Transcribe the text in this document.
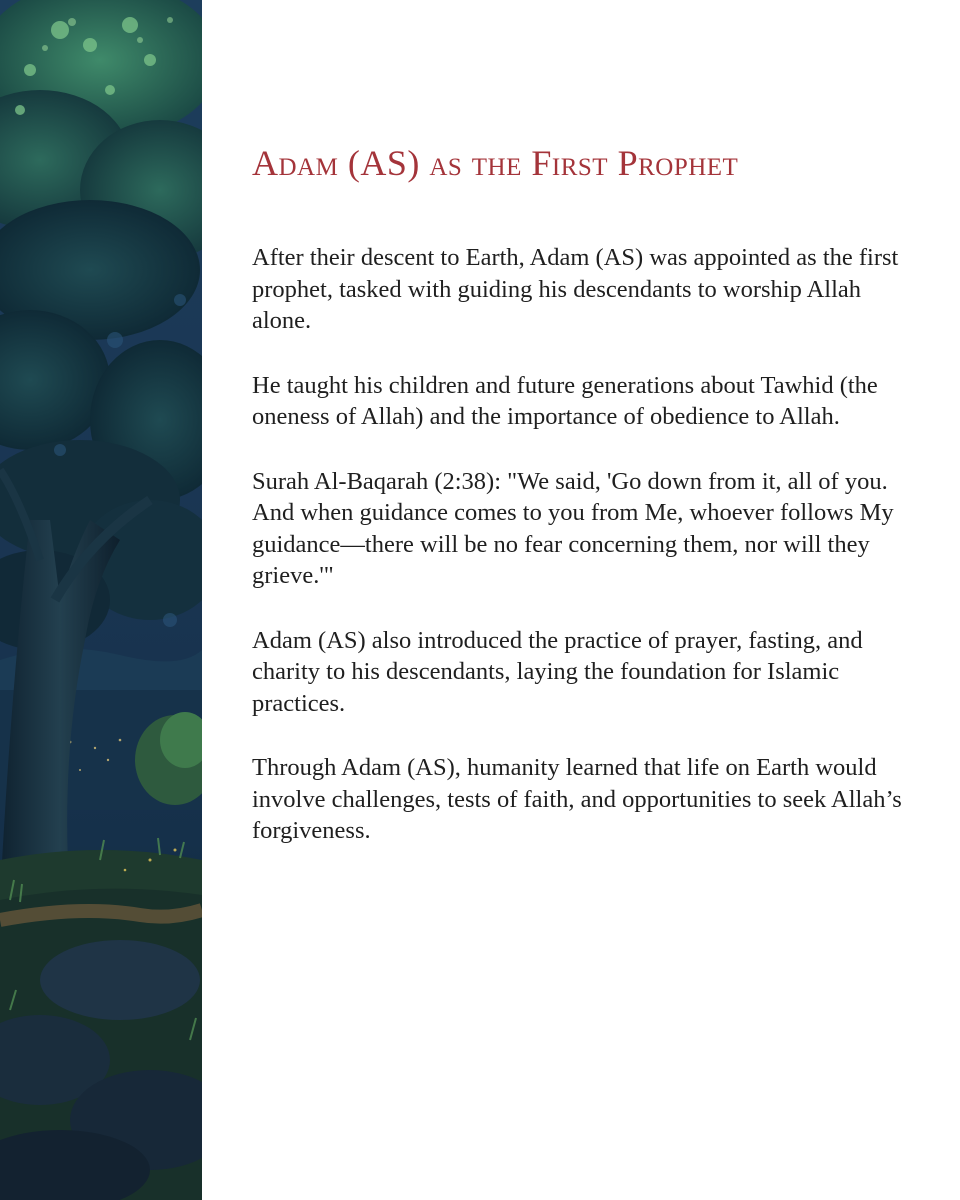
Adam (AS) as the First Prophet

After their descent to Earth, Adam (AS) was appointed as the first prophet, tasked with guiding his descendants to worship Allah alone.

He taught his children and future generations about Tawhid (the oneness of Allah) and the importance of obedience to Allah.

Surah Al-Baqarah (2:38): "We said, 'Go down from it, all of you. And when guidance comes to you from Me, whoever follows My guidance—there will be no fear concerning them, nor will they grieve.'"

Adam (AS) also introduced the practice of prayer, fasting, and charity to his descendants, laying the foundation for Islamic practices.

Through Adam (AS), humanity learned that life on Earth would involve challenges, tests of faith, and opportunities to seek Allah’s forgiveness.
